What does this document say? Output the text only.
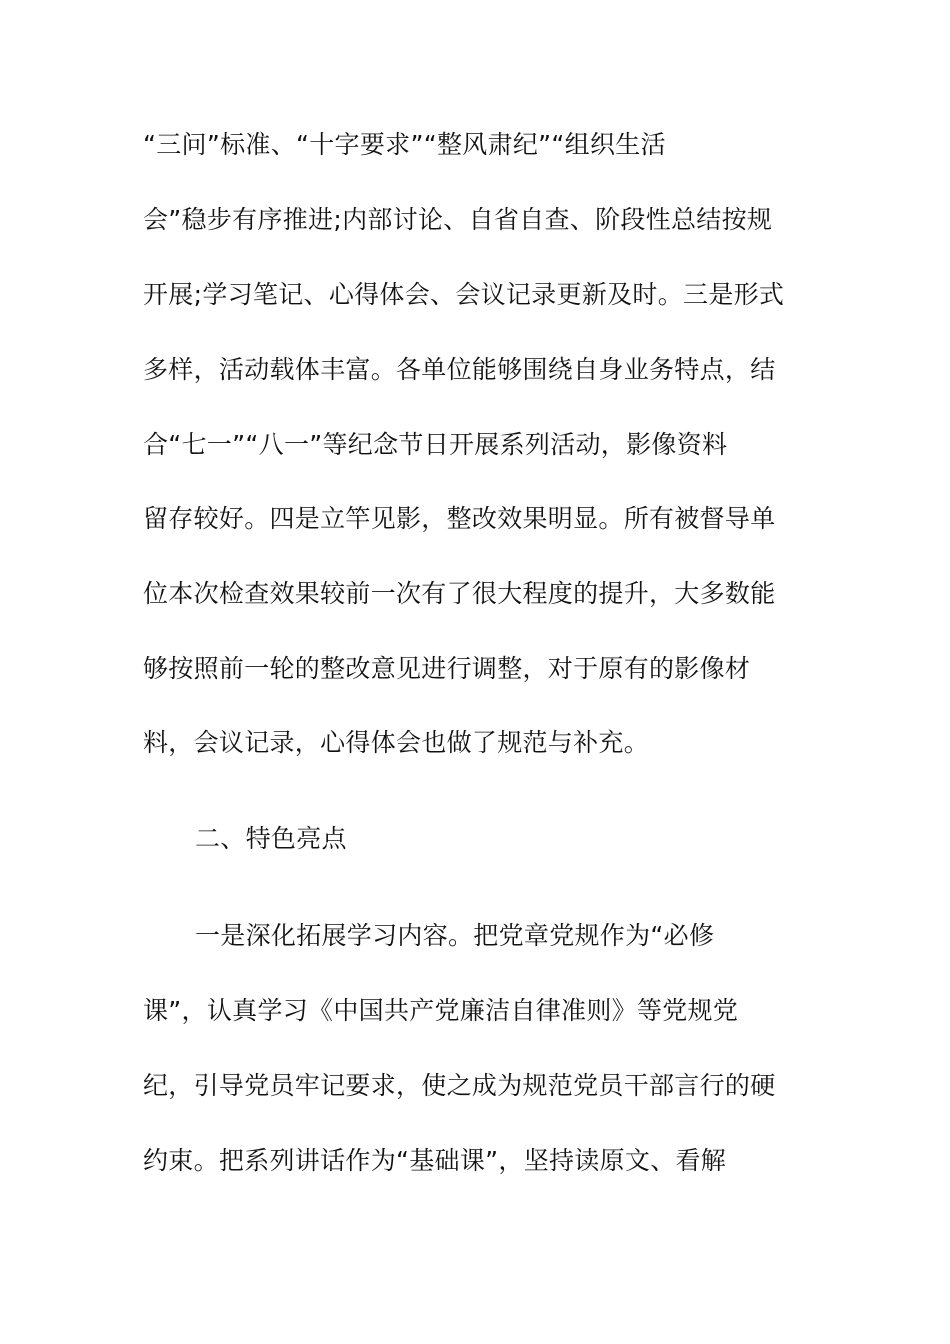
“三问”标准、“十字要求”“整风肃纪”“组织生活
会”稳步有序推进;内部讨论、自省自查、阶段性总结按规
开展;学习笔记、心得体会、会议记录更新及时。三是形式
多样，活动载体丰富。各单位能够围绕自身业务特点，结
合“七一”“八一”等纪念节日开展系列活动，影像资料
留存较好。四是立竿见影，整改效果明显。所有被督导单
位本次检查效果较前一次有了很大程度的提升，大多数能
够按照前一轮的整改意见进行调整，对于原有的影像材
料，会议记录，心得体会也做了规范与补充。
二、特色亮点
一是深化拓展学习内容。把党章党规作为“必修
课”，认真学习《中国共产党廉洁自律准则》等党规党
纪，引导党员牢记要求，使之成为规范党员干部言行的硬
约束。把系列讲话作为“基础课”，坚持读原文、看解
